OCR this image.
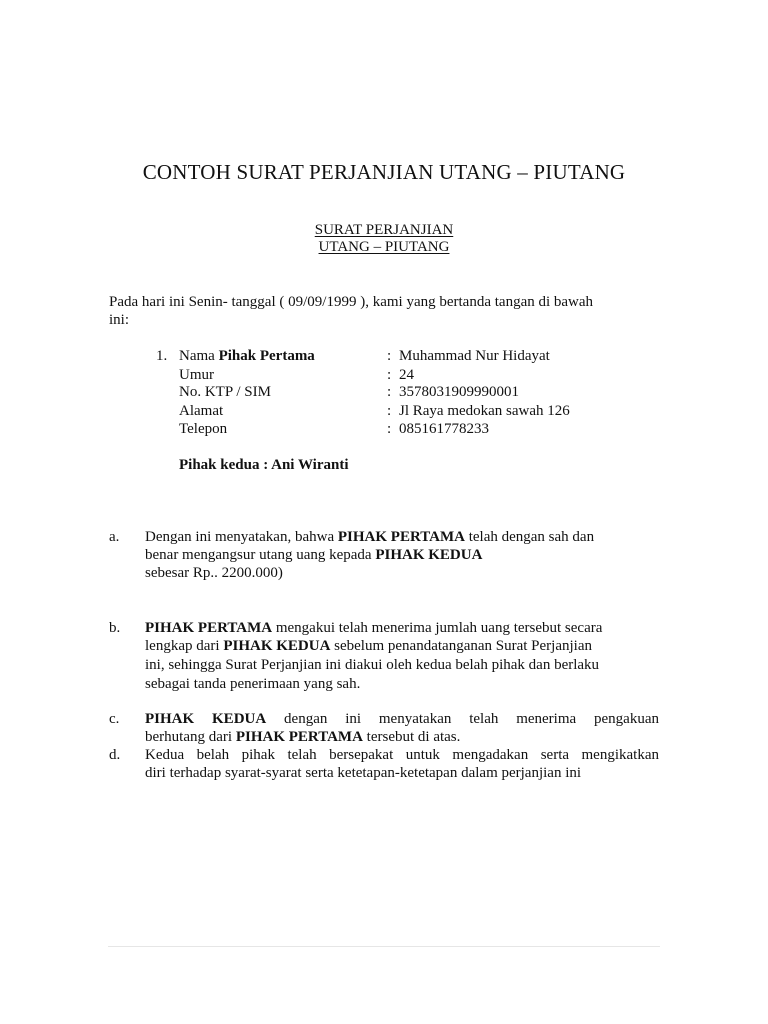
CONTOH SURAT PERJANJIAN UTANG – PIUTANG
SURAT PERJANJIAN
UTANG – PIUTANG
Pada hari ini Senin- tanggal ( 09/09/1999 ), kami yang bertanda tangan di bawah
ini:
1. Nama Pihak Pertama	: Muhammad Nur Hidayat
Umur	: 24
No. KTP / SIM	: 3578031909990001
Alamat	: Jl Raya medokan sawah 126
Telepon	: 085161778233
Pihak kedua : Ani Wiranti
a. Dengan ini menyatakan, bahwa PIHAK PERTAMA telah dengan sah dan
benar mengangsur utang uang kepada PIHAK KEDUA
sebesar Rp.. 2200.000)
b. PIHAK PERTAMA mengakui telah menerima jumlah uang tersebut secara
lengkap dari PIHAK KEDUA sebelum penandatanganan Surat Perjanjian
ini, sehingga Surat Perjanjian ini diakui oleh kedua belah pihak dan berlaku
sebagai tanda penerimaan yang sah.
c. PIHAK KEDUA dengan ini menyatakan telah menerima pengakuan
berhutang dari PIHAK PERTAMA tersebut di atas.
d. Kedua belah pihak telah bersepakat untuk mengadakan serta mengikatkan
diri terhadap syarat-syarat serta ketetapan-ketetapan dalam perjanjian ini
